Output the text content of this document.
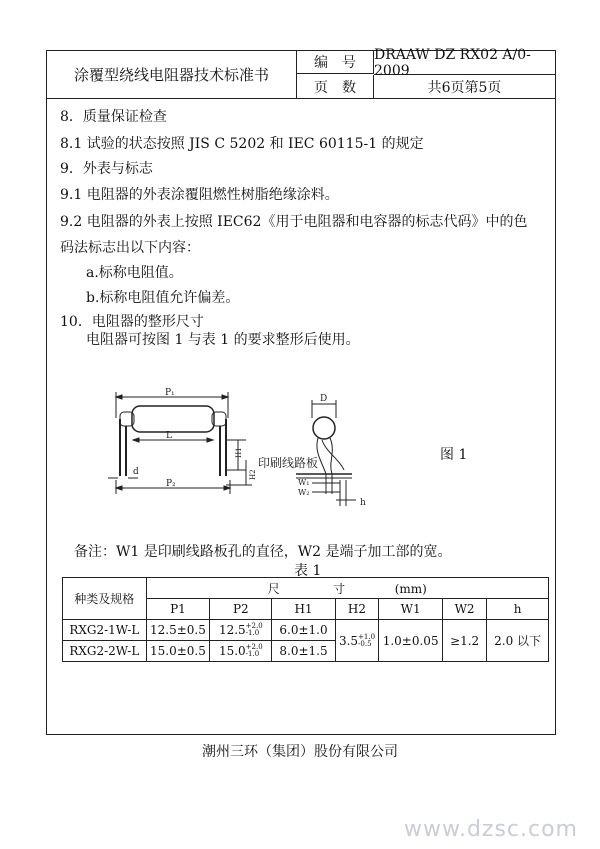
涂覆型绕线电阻器技术标准书
编号
DRAAW DZ RX02 A/0-2009
页数	共6页第5页
8．质量保证检查
8.1 试验的状态按照 JIS C 5202 和 IEC 60115-1 的规定
9．外表与标志
9.1 电阻器的外表涂覆阻燃性树脂绝缘涂料。
9.2 电阻器的外表上按照 IEC62《用于电阻器和电容器的标志代码》中的色
码法标志出以下内容：
a.标称电阻值。
b.标称电阻值允许偏差。
10．电阻器的整形尺寸
电阻器可按图 1 与表 1 的要求整形后使用。
P₁
L
H1
H2
d
P₂
D
印刷线路板
W₁
W₂
h
图 1
备注：W1 是印刷线路板孔的直径，W2 是端子加工部的宽。
表 1
种类及规格	尺              寸             (mm)						
	P1	P2	H1	H2	W1	W2	h
RXG2-1W-L	12.5±0.5	12.5+2.0
-1.0	6.0±1.0	3.5+1.0
-0.5	1.0±0.05	≥1.2	2.0 以下
RXG2-2W-L	15.0±0.5	15.0+2.0
-1.0	8.0±1.5				
潮州三环（集团）股份有限公司
www.dzsc.com
